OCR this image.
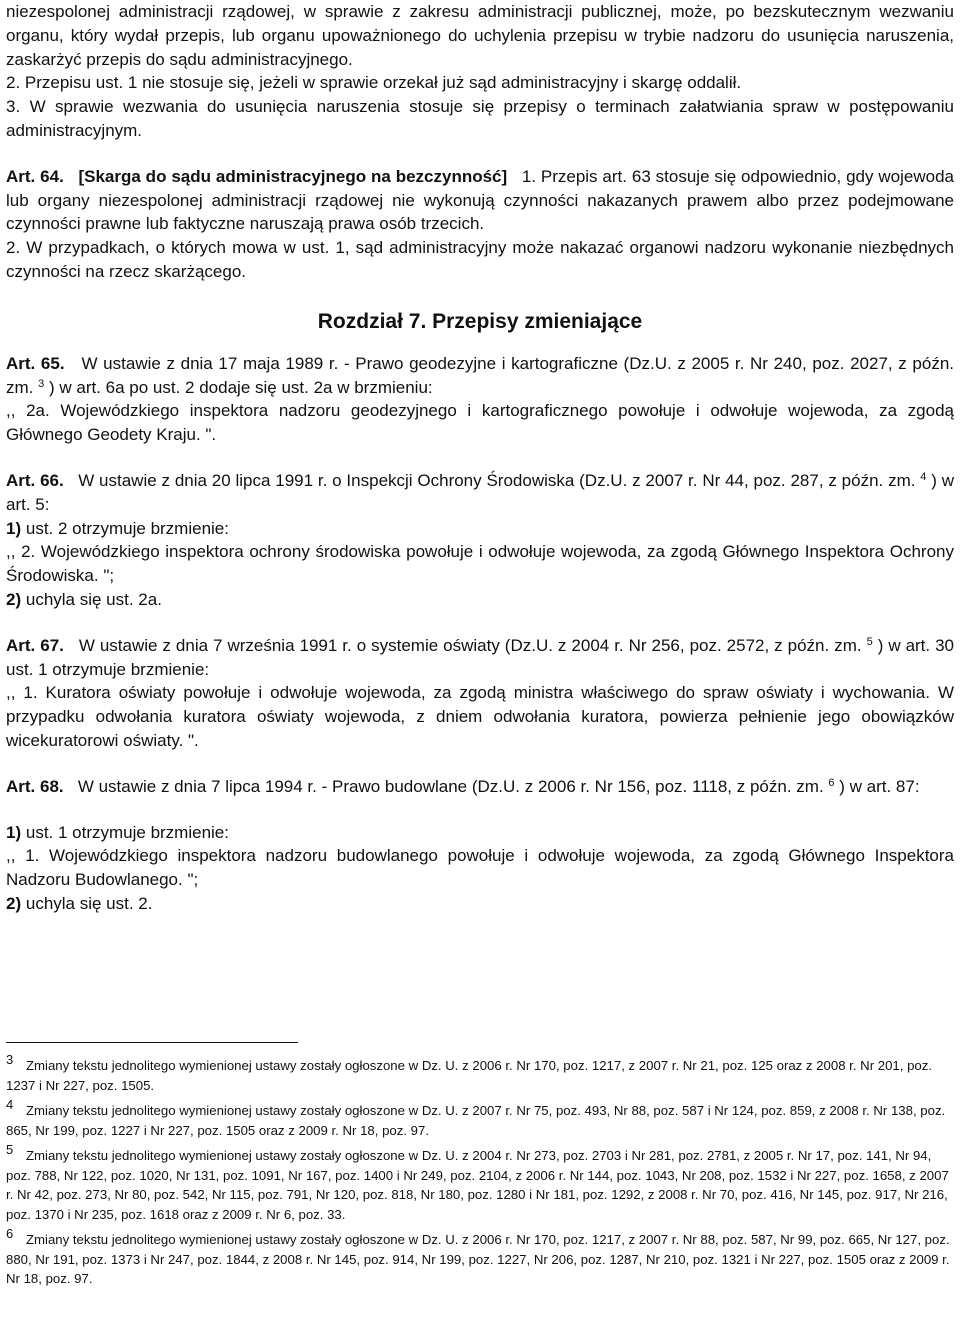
niezespolonej administracji rządowej, w sprawie z zakresu administracji publicznej, może, po bezskutecznym wezwaniu organu, który wydał przepis, lub organu upoważnionego do uchylenia przepisu w trybie nadzoru do usunięcia naruszenia, zaskarżyć przepis do sądu administracyjnego.

2. Przepisu ust. 1 nie stosuje się, jeżeli w sprawie orzekał już sąd administracyjny i skargę oddalił.

3. W sprawie wezwania do usunięcia naruszenia stosuje się przepisy o terminach załatwiania spraw w postępowaniu administracyjnym.

Art. 64. [Skarga do sądu administracyjnego na bezczynność] 1. Przepis art. 63 stosuje się odpowiednio, gdy wojewoda lub organy niezespolonej administracji rządowej nie wykonują czynności nakazanych prawem albo przez podejmowane czynności prawne lub faktyczne naruszają prawa osób trzecich.

2. W przypadkach, o których mowa w ust. 1, sąd administracyjny może nakazać organowi nadzoru wykonanie niezbędnych czynności na rzecz skarżącego.

Rozdział 7. Przepisy zmieniające

Art. 65. W ustawie z dnia 17 maja 1989 r. - Prawo geodezyjne i kartograficzne (Dz.U. z 2005 r. Nr 240, poz. 2027, z późn. zm. $^3$ ) w art. 6a po ust. 2 dodaje się ust. 2a w brzmieniu:

,, 2a. Wojewódzkiego inspektora nadzoru geodezyjnego i kartograficznego powołuje i odwołuje wojewoda, za zgodą Głównego Geodety Kraju. ".

Art. 66. W ustawie z dnia 20 lipca 1991 r. o Inspekcji Ochrony Środowiska (Dz.U. z 2007 r. Nr 44, poz. 287, z późn. zm. $^4$ ) w art. 5:

1) ust. 2 otrzymuje brzmienie:

,, 2. Wojewódzkiego inspektora ochrony środowiska powołuje i odwołuje wojewoda, za zgodą Głównego Inspektora Ochrony Środowiska. ";

2) uchyla się ust. 2a.

Art. 67. W ustawie z dnia 7 września 1991 r. o systemie oświaty (Dz.U. z 2004 r. Nr 256, poz. 2572, z późn. zm. $^5$ ) w art. 30 ust. 1 otrzymuje brzmienie:

,, 1. Kuratora oświaty powołuje i odwołuje wojewoda, za zgodą ministra właściwego do spraw oświaty i wychowania. W przypadku odwołania kuratora oświaty wojewoda, z dniem odwołania kuratora, powierza pełnienie jego obowiązków wicekuratorowi oświaty. ".

Art. 68. W ustawie z dnia 7 lipca 1994 r. - Prawo budowlane (Dz.U. z 2006 r. Nr 156, poz. 1118, z późn. zm. $^6$ ) w art. 87:

1) ust. 1 otrzymuje brzmienie:

,, 1. Wojewódzkiego inspektora nadzoru budowlanego powołuje i odwołuje wojewoda, za zgodą Głównego Inspektora Nadzoru Budowlanego. ";

2) uchyla się ust. 2.

3 Zmiany tekstu jednolitego wymienionej ustawy zostały ogłoszone w Dz. U. z 2006 r. Nr 170, poz. 1217, z 2007 r. Nr 21, poz. 125 oraz z 2008 r. Nr 201, poz. 1237 i Nr 227, poz. 1505.

4 Zmiany tekstu jednolitego wymienionej ustawy zostały ogłoszone w Dz. U. z 2007 r. Nr 75, poz. 493, Nr 88, poz. 587 i Nr 124, poz. 859, z 2008 r. Nr 138, poz. 865, Nr 199, poz. 1227 i Nr 227, poz. 1505 oraz z 2009 r. Nr 18, poz. 97.

5 Zmiany tekstu jednolitego wymienionej ustawy zostały ogłoszone w Dz. U. z 2004 r. Nr 273, poz. 2703 i Nr 281, poz. 2781, z 2005 r. Nr 17, poz. 141, Nr 94, poz. 788, Nr 122, poz. 1020, Nr 131, poz. 1091, Nr 167, poz. 1400 i Nr 249, poz. 2104, z 2006 r. Nr 144, poz. 1043, Nr 208, poz. 1532 i Nr 227, poz. 1658, z 2007 r. Nr 42, poz. 273, Nr 80, poz. 542, Nr 115, poz. 791, Nr 120, poz. 818, Nr 180, poz. 1280 i Nr 181, poz. 1292, z 2008 r. Nr 70, poz. 416, Nr 145, poz. 917, Nr 216, poz. 1370 i Nr 235, poz. 1618 oraz z 2009 r. Nr 6, poz. 33.

6 Zmiany tekstu jednolitego wymienionej ustawy zostały ogłoszone w Dz. U. z 2006 r. Nr 170, poz. 1217, z 2007 r. Nr 88, poz. 587, Nr 99, poz. 665, Nr 127, poz. 880, Nr 191, poz. 1373 i Nr 247, poz. 1844, z 2008 r. Nr 145, poz. 914, Nr 199, poz. 1227, Nr 206, poz. 1287, Nr 210, poz. 1321 i Nr 227, poz. 1505 oraz z 2009 r. Nr 18, poz. 97.
